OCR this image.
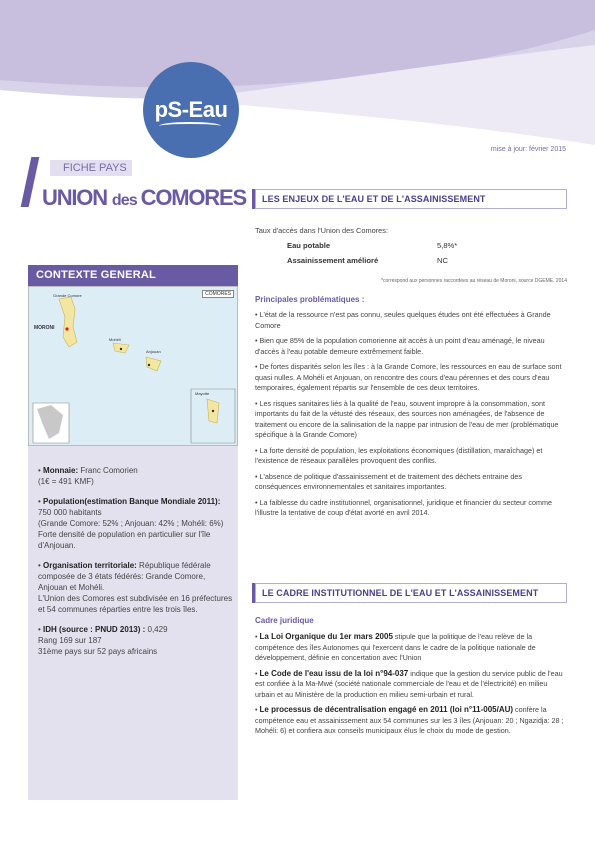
pS-Eau
mise à jour: février 2015
FICHE PAYS
UNION des COMORES
CONTEXTE GENERAL
Grande Comore
MORONI
Mohéli
Anjouan
Mayotte
COMORES
• Monnaie: Franc Comorien
(1€ = 491 KMF)
• Population(estimation Banque Mondiale 2011): 750 000 habitants
(Grande Comore: 52% ; Anjouan: 42% ; Mohéli: 6%)
Forte densité de population en particulier sur l'île d'Anjouan.
• Organisation territoriale: République fédérale composée de 3 états fédérés: Grande Comore, Anjouan et Mohéli.
L'Union des Comores est subdivisée en 16 préfectures et 54 communes réparties entre les trois îles.
• IDH (source : PNUD 2013) : 0,429
Rang 169 sur 187
31ème pays sur 52 pays africains
LES ENJEUX DE L'EAU ET DE L'ASSAINISSEMENT
Taux d'accès dans l'Union des Comores:
Eau potable	5,8%*
Assainissement amélioré	NC
*correspond aux personnes raccordées au réseau de Moroni, source DGEME, 2014
Principales problématiques :

• L'état de la ressource n'est pas connu, seules quelques études ont été effectuées à Grande Comore

• Bien que 85% de la population comorienne ait accès à un point d'eau aménagé, le niveau d'accès à l'eau potable demeure extrêmement faible.

• De fortes disparités selon les îles : à la Grande Comore, les ressources en eau de surface sont quasi nulles. A Mohéli et Anjouan, on rencontre des cours d'eau pérennes et des cours d'eau temporaires, également répartis sur l'ensemble de ces deux territoires.

• Les risques sanitaires liés à la qualité de l'eau, souvent impropre à la consommation, sont importants du fait de la vétusté des réseaux, des sources non aménagées, de l'absence de traitement ou encore de la salinisation de la nappe par intrusion de l'eau de mer (problématique spécifique à la Grande Comore)

• La forte densité de population, les exploitations économiques (distillation, maraîchage) et l'existence de réseaux parallèles provoquent des conflits.

• L'absence de politique d'assainissement et de traitement des déchets entraine des conséquences environnementales et sanitaires importantes.

• La faiblesse du cadre institutionnel, organisationnel, juridique et financier du secteur comme l'illustre la tentative de coup d'état avorté en avril 2014.

LE CADRE INSTITUTIONNEL DE L'EAU ET L'ASSAINISSEMENT
Cadre juridique

• La Loi Organique du 1er mars 2005 stipule que la politique de l'eau relève de la compétence des îles Autonomes qui l'exercent dans le cadre de la politique nationale de développement, définie en concertation avec l'Union

• Le Code de l'eau issu de la loi n°94-037 indique que la gestion du service public de l'eau est confiée à la Ma-Mwé (société nationale commerciale de l'eau et de l'électricité) en milieu urbain et au Ministère de la production en milieu semi-urbain et rural.

• Le processus de décentralisation engagé en 2011 (loi n°11-005/AU) confère la compétence eau et assainissement aux 54 communes sur les 3 îles (Anjouan: 20 ; Ngazidja: 28 ; Mohéli: 6) et confiera aux conseils municipaux élus le choix du mode de gestion.
